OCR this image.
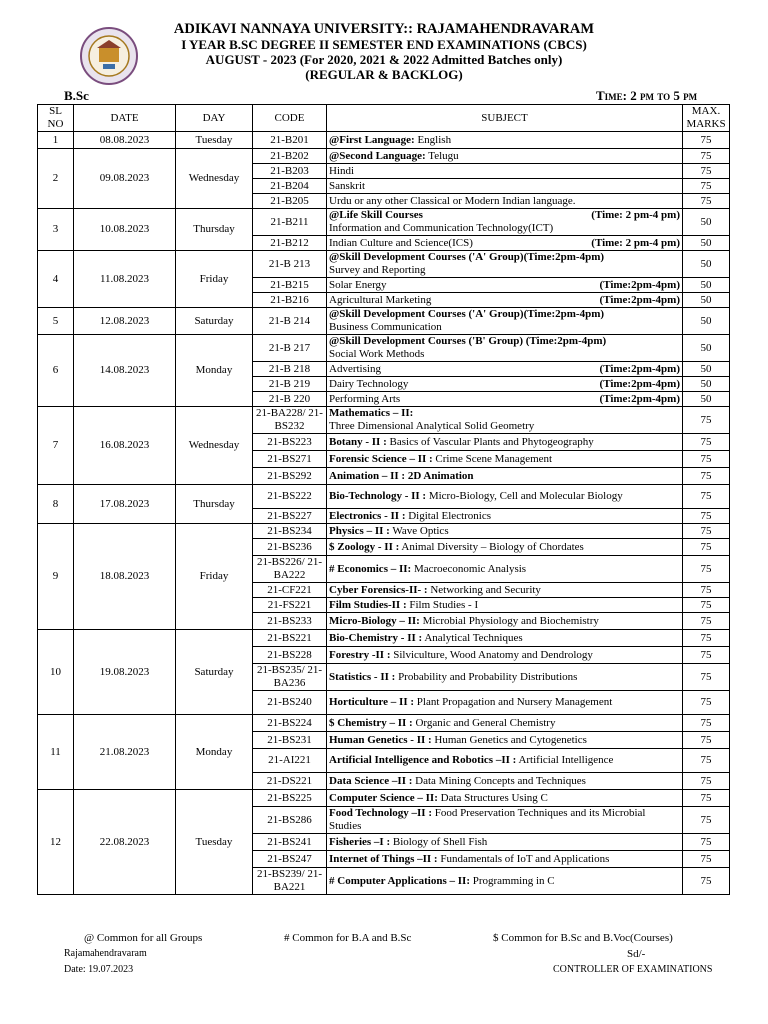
ADIKAVI NANNAYA UNIVERSITY:: RAJAMAHENDRAVARAM
I YEAR B.SC DEGREE II SEMESTER END EXAMINATIONS (CBCS)
AUGUST - 2023 (For 2020, 2021 & 2022 Admitted Batches only)
(REGULAR & BACKLOG)
B.Sc	Time: 2 pm to 5 pm
SL NO	DATE	DAY	CODE	SUBJECT	MAX. MARKS
1	08.08.2023	Tuesday	21-B201	@First Language: English	75
2	09.08.2023	Wednesday	21-B202	@Second Language: Telugu	75
			21-B203	Hindi	75
			21-B204	Sanskrit	75
			21-B205	Urdu or any other Classical or Modern Indian language.	75
3	10.08.2023	Thursday	21-B211	(Time: 2 pm-4 pm)
@Life Skill Courses
Information and Communication Technology(ICT)	50
			21-B212	(Time: 2 pm-4 pm)
Indian Culture and Science(ICS)	50
4	11.08.2023	Friday	21-B 213	@Skill Development Courses ('A' Group)(Time:2pm-4pm)
Survey and Reporting	50
			21-B215	(Time:2pm-4pm)
Solar Energy	50
			21-B216	(Time:2pm-4pm)
Agricultural Marketing	50
5	12.08.2023	Saturday	21-B 214	@Skill Development Courses ('A' Group)(Time:2pm-4pm)
Business Communication	50
6	14.08.2023	Monday	21-B 217	@Skill Development Courses ('B' Group) (Time:2pm-4pm)
Social Work Methods	50
			21-B 218	(Time:2pm-4pm)
Advertising	50
			21-B 219	(Time:2pm-4pm)
Dairy Technology	50
			21-B 220	(Time:2pm-4pm)
Performing Arts	50
7	16.08.2023	Wednesday	21-BA228/ 21-BS232	Mathematics – II:
Three Dimensional Analytical Solid Geometry	75
			21-BS223	Botany - II : Basics of Vascular Plants and Phytogeography	75
			21-BS271	Forensic Science – II : Crime Scene Management	75
			21-BS292	Animation – II : 2D Animation	75
8	17.08.2023	Thursday	21-BS222	Bio-Technology - II : Micro-Biology, Cell and Molecular Biology	75
			21-BS227	Electronics - II : Digital Electronics	75
9	18.08.2023	Friday	21-BS234	Physics – II : Wave Optics	75
			21-BS236	$ Zoology - II : Animal Diversity – Biology of Chordates	75
			21-BS226/ 21-BA222	# Economics – II: Macroeconomic Analysis	75
			21-CF221	Cyber Forensics-II- : Networking and Security	75
			21-FS221	Film Studies-II : Film Studies - I	75
			21-BS233	Micro-Biology – II: Microbial Physiology and Biochemistry	75
10	19.08.2023	Saturday	21-BS221	Bio-Chemistry - II : Analytical Techniques	75
			21-BS228	Forestry -II : Silviculture, Wood Anatomy and Dendrology	75
			21-BS235/ 21-BA236	Statistics - II : Probability and Probability Distributions	75
			21-BS240	Horticulture – II : Plant Propagation and Nursery Management	75
11	21.08.2023	Monday	21-BS224	$ Chemistry – II : Organic and General Chemistry	75
			21-BS231	Human Genetics - II : Human Genetics and Cytogenetics	75
			21-AI221	Artificial Intelligence and Robotics –II : Artificial Intelligence	75
			21-DS221	Data Science –II : Data Mining Concepts and Techniques	75
12	22.08.2023	Tuesday	21-BS225	Computer Science – II: Data Structures Using C	75
			21-BS286	Food Technology –II : Food Preservation Techniques and its Microbial Studies	75
			21-BS241	Fisheries –I : Biology of Shell Fish	75
			21-BS247	Internet of Things –II : Fundamentals of IoT and Applications	75
			21-BS239/ 21-BA221	# Computer Applications – II: Programming in C	75
@ Common for all Groups	# Common for B.A and B.Sc	$ Common for B.Sc and B.Voc(Courses)
Rajamahendravaram	Sd/-
Date: 19.07.2023	CONTROLLER OF EXAMINATIONS
